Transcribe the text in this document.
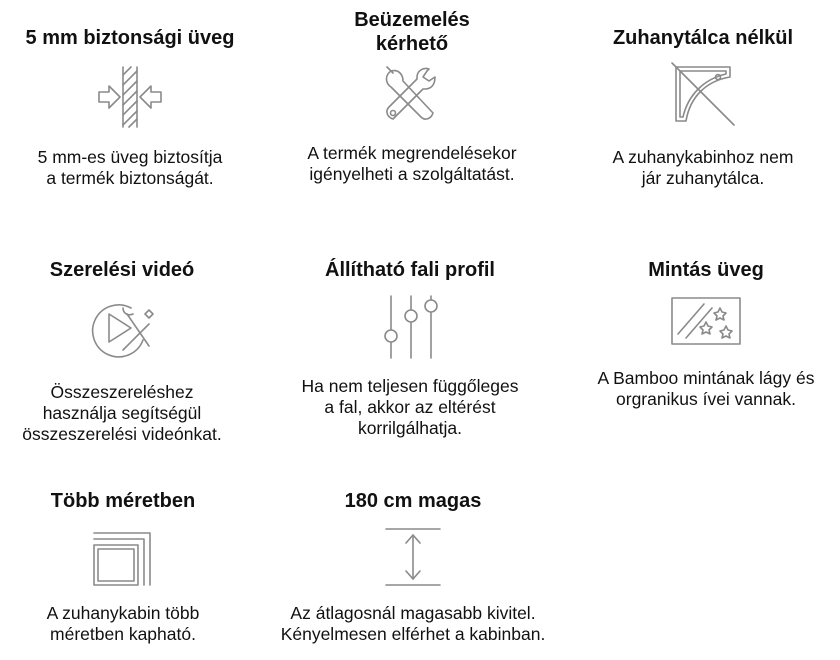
5 mm biztonsági üveg

5 mm-es üveg biztosítja
a termék biztonságát.

Beüzemelés
kérhető

A termék megrendelésekor
igényelheti a szolgáltatást.

Zuhanytálca nélkül

A zuhanykabinhoz nem
jár zuhanytálca.

Szerelési videó

Összeszereléshez
használja segítségül
összeszerelési videónkat.

Állítható fali profil

Ha nem teljesen függőleges
a fal, akkor az eltérést
korrilgálhatja.

Mintás üveg

A Bamboo mintának lágy és
orgranikus ívei vannak.

Több méretben

A zuhanykabin több
méretben kapható.

180 cm magas

Az átlagosnál magasabb kivitel.
Kényelmesen elférhet a kabinban.
